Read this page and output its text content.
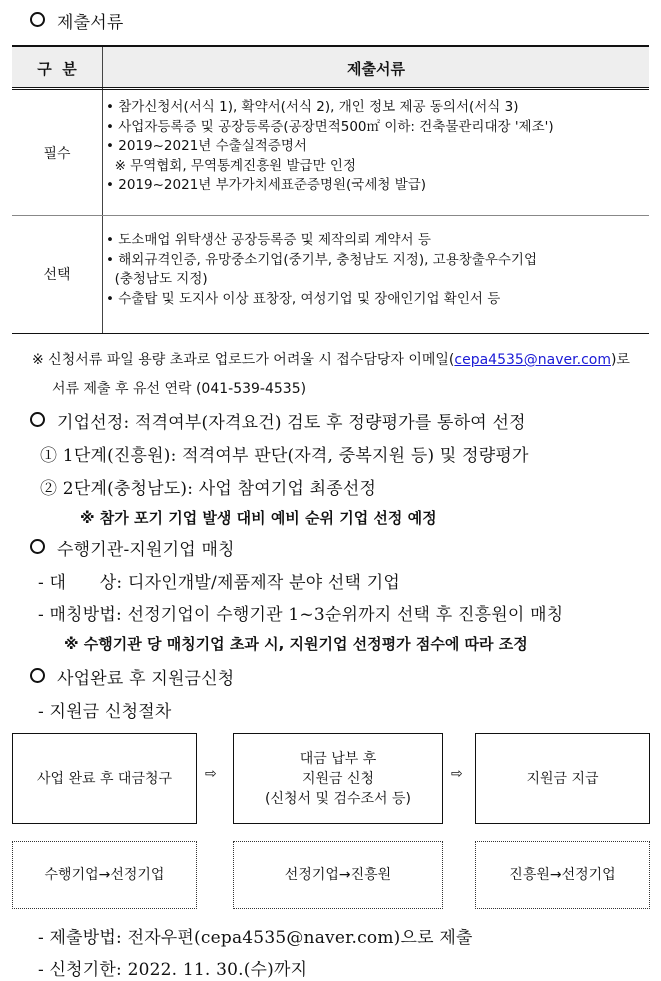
제출서류
구  분	제출서류
필수
• 참가신청서(서식 1), 확약서(서식 2), 개인 정보 제공 동의서(서식 3)
• 사업자등록증 및 공장등록증(공장면적500㎡ 이하: 건축물관리대장 '제조')
• 2019~2021년 수출실적증명서
※ 무역협회, 무역통계진흥원 발급만 인정
• 2019~2021년 부가가치세표준증명원(국세청 발급)
선택
• 도소매업 위탁생산 공장등록증 및 제작의뢰 계약서 등
• 해외규격인증, 유망중소기업(중기부, 충청남도 지정), 고용창출우수기업
(충청남도 지정)
• 수출탑 및 도지사 이상 표창장, 여성기업 및 장애인기업 확인서 등
※ 신청서류 파일 용량 초과로 업로드가 어려울 시 접수담당자 이메일(cepa4535@naver.com)로
서류 제출 후 유선 연락 (041-539-4535)
기업선정: 적격여부(자격요건) 검토 후 정량평가를 통하여 선정
① 1단계(진흥원): 적격여부 판단(자격, 중복지원 등) 및 정량평가
② 2단계(충청남도): 사업 참여기업 최종선정
※ 참가 포기 기업 발생 대비 예비 순위 기업 선정 예정
수행기관-지원기업 매칭
- 대      상: 디자인개발/제품제작 분야 선택 기업
- 매칭방법: 선정기업이 수행기관 1~3순위까지 선택 후 진흥원이 매칭
※ 수행기관 당 매칭기업 초과 시, 지원기업 선정평가 점수에 따라 조정
사업완료 후 지원금신청
- 지원금 신청절차
사업 완료 후 대금청구 ⇨
대금 납부 후
지원금 신청
(신청서 및 검수조서 등)
⇨	지원금 지급
수행기업→선정기업	선정기업→진흥원	진흥원→선정기업
- 제출방법: 전자우편(cepa4535@naver.com)으로 제출
- 신청기한: 2022. 11. 30.(수)까지
